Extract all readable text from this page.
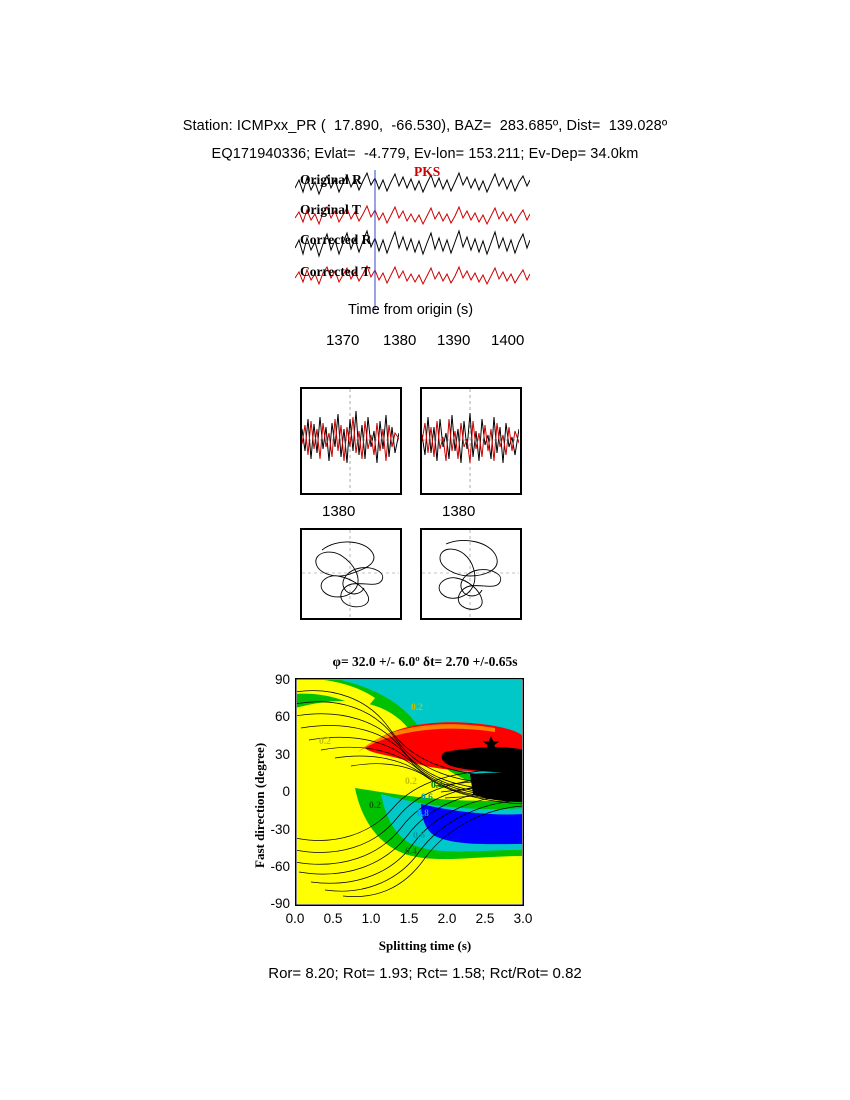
Station: ICMPxx_PR (  17.890,  -66.530), BAZ=  283.685º, Dist=  139.028º
EQ171940336; Evlat=  -4.779, Ev-lon= 153.211; Ev-Dep= 34.0km
Original R
Original T
Corrected R
Corrected T
PKS
Time from origin (s)
1370 1380 1390 1400
1380	1380
φ= 32.0 +/- 6.0º δt= 2.70 +/-0.65s
0.2
0.2
0.2
0.2
0.4
0.6
0.8
0.6
0.4
Fast direction (degree)
90
60
30
0
-30
-60
-90
0.0	0.5	1.0	1.5	2.0	2.5	3.0
Splitting time (s)
Ror= 8.20; Rot= 1.93; Rct= 1.58; Rct/Rot= 0.82
